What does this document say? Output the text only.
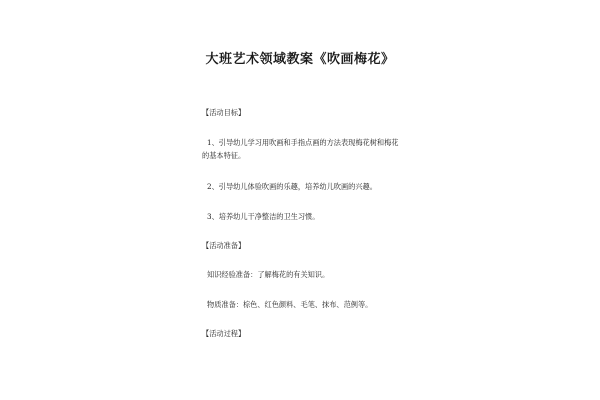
大班艺术领域教案《吹画梅花》
【活动目标】
1、引导幼儿学习用吹画和手指点画的方法表现梅花树和梅花的基本特征。
2、引导幼儿体验吹画的乐趣，培养幼儿吹画的兴趣。
3、培养幼儿干净整洁的卫生习惯。
【活动准备】
知识经验准备：了解梅花的有关知识。
物质准备：棕色、红色颜料、毛笔、抹布、范例等。
【活动过程】
